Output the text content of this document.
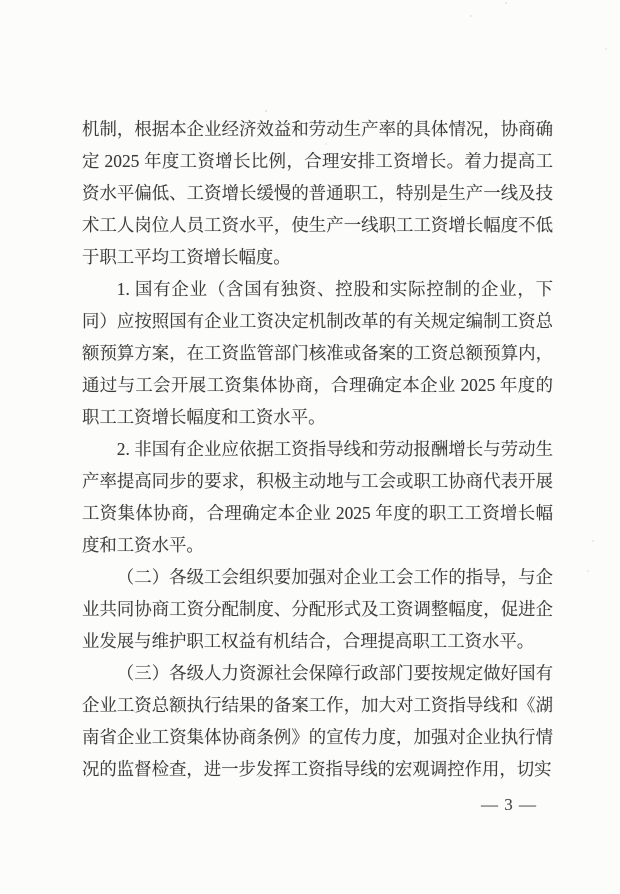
机制，根据本企业经济效益和劳动生产率的具体情况，协商确定 2025 年度工资增长比例，合理安排工资增长。着力提高工资水平偏低、工资增长缓慢的普通职工，特别是生产一线及技术工人岗位人员工资水平，使生产一线职工工资增长幅度不低于职工平均工资增长幅度。

1. 国有企业（含国有独资、控股和实际控制的企业，下同）应按照国有企业工资决定机制改革的有关规定编制工资总额预算方案，在工资监管部门核准或备案的工资总额预算内，通过与工会开展工资集体协商，合理确定本企业 2025 年度的职工工资增长幅度和工资水平。

2. 非国有企业应依据工资指导线和劳动报酬增长与劳动生产率提高同步的要求，积极主动地与工会或职工协商代表开展工资集体协商，合理确定本企业 2025 年度的职工工资增长幅度和工资水平。

（二）各级工会组织要加强对企业工会工作的指导，与企业共同协商工资分配制度、分配形式及工资调整幅度，促进企业发展与维护职工权益有机结合，合理提高职工工资水平。

（三）各级人力资源社会保障行政部门要按规定做好国有企业工资总额执行结果的备案工作，加大对工资指导线和《湖南省企业工资集体协商条例》的宣传力度，加强对企业执行情况的监督检查，进一步发挥工资指导线的宏观调控作用，切实

— 3 —
